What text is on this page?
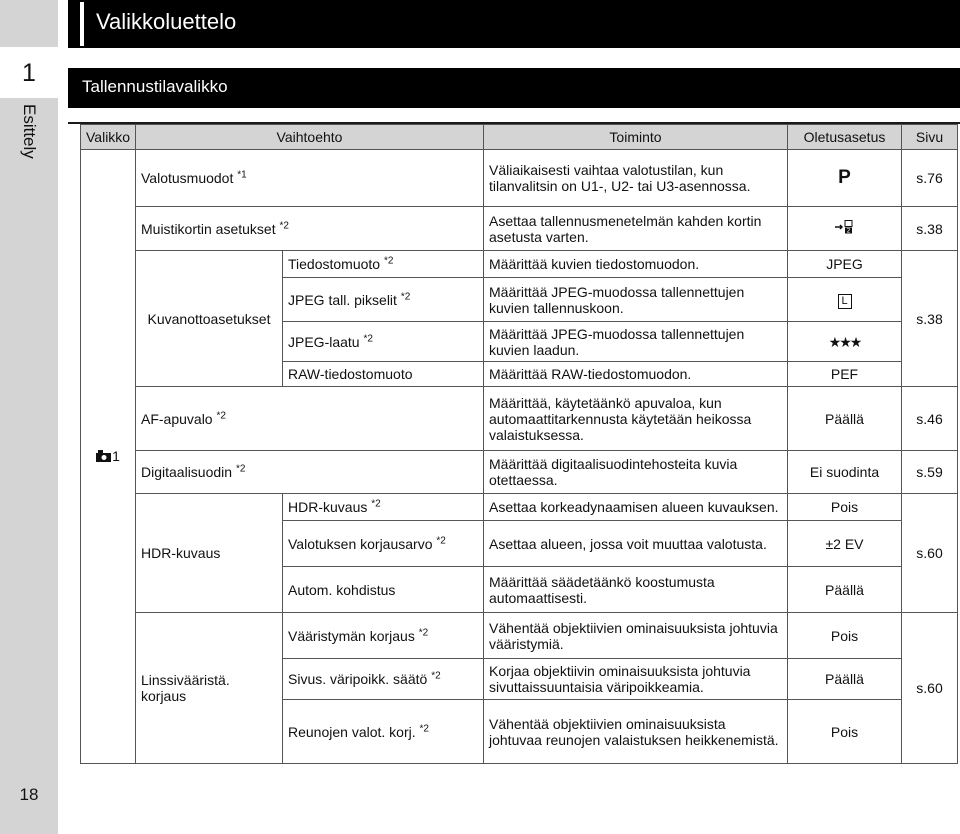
1
Esittely
18
Valikkoluettelo
Tallennustilavalikko
Valikko	Vaihtoehto		Toiminto	Oletusasetus	Sivu
1	Valotusmuodot $^{*1}$		Väliaikaisesti vaihtaa valotustilan, kun tilanvalitsin on U1-, U2- tai U3-asennossa.	P	s.76
	Muistikortin asetukset $^{*2}$		Asettaa tallennusmenetelmän kahden kortin asetusta varten.	2	s.38
	Kuvanottoasetukset	Tiedostomuoto $^{*2}$	Määrittää kuvien tiedostomuodon.	JPEG	s.38
		JPEG tall. pikselit $^{*2}$	Määrittää JPEG-muodossa tallennettujen kuvien tallennuskoon.	L	
		JPEG-laatu $^{*2}$	Määrittää JPEG-muodossa tallennettujen kuvien laadun.	★★★	
		RAW-tiedostomuoto	Määrittää RAW-tiedostomuodon.	PEF	
	AF-apuvalo $^{*2}$		Määrittää, käytetäänkö apuvaloa, kun automaattitarkennusta käytetään heikossa valaistuksessa.	Päällä	s.46
	Digitaalisuodin $^{*2}$		Määrittää digitaalisuodintehosteita kuvia otettaessa.	Ei suodinta	s.59
	HDR-kuvaus	HDR-kuvaus $^{*2}$	Asettaa korkeadynaamisen alueen kuvauksen.	Pois	s.60
		Valotuksen korjausarvo $^{*2}$	Asettaa alueen, jossa voit muuttaa valotusta.	±2 EV	
		Autom. kohdistus	Määrittää säädetäänkö koostumusta automaattisesti.	Päällä	
	Linssivääristä.
korjaus	Vääristymän korjaus $^{*2}$	Vähentää objektiivien ominaisuuksista johtuvia vääristymiä.	Pois	s.60
		Sivus. väripoikk. säätö $^{*2}$	Korjaa objektiivin ominaisuuksista johtuvia sivuttaissuuntaisia väripoikkeamia.	Päällä	
		Reunojen valot. korj. $^{*2}$	Vähentää objektiivien ominaisuuksista johtuvaa reunojen valaistuksen heikkenemistä.	Pois	
